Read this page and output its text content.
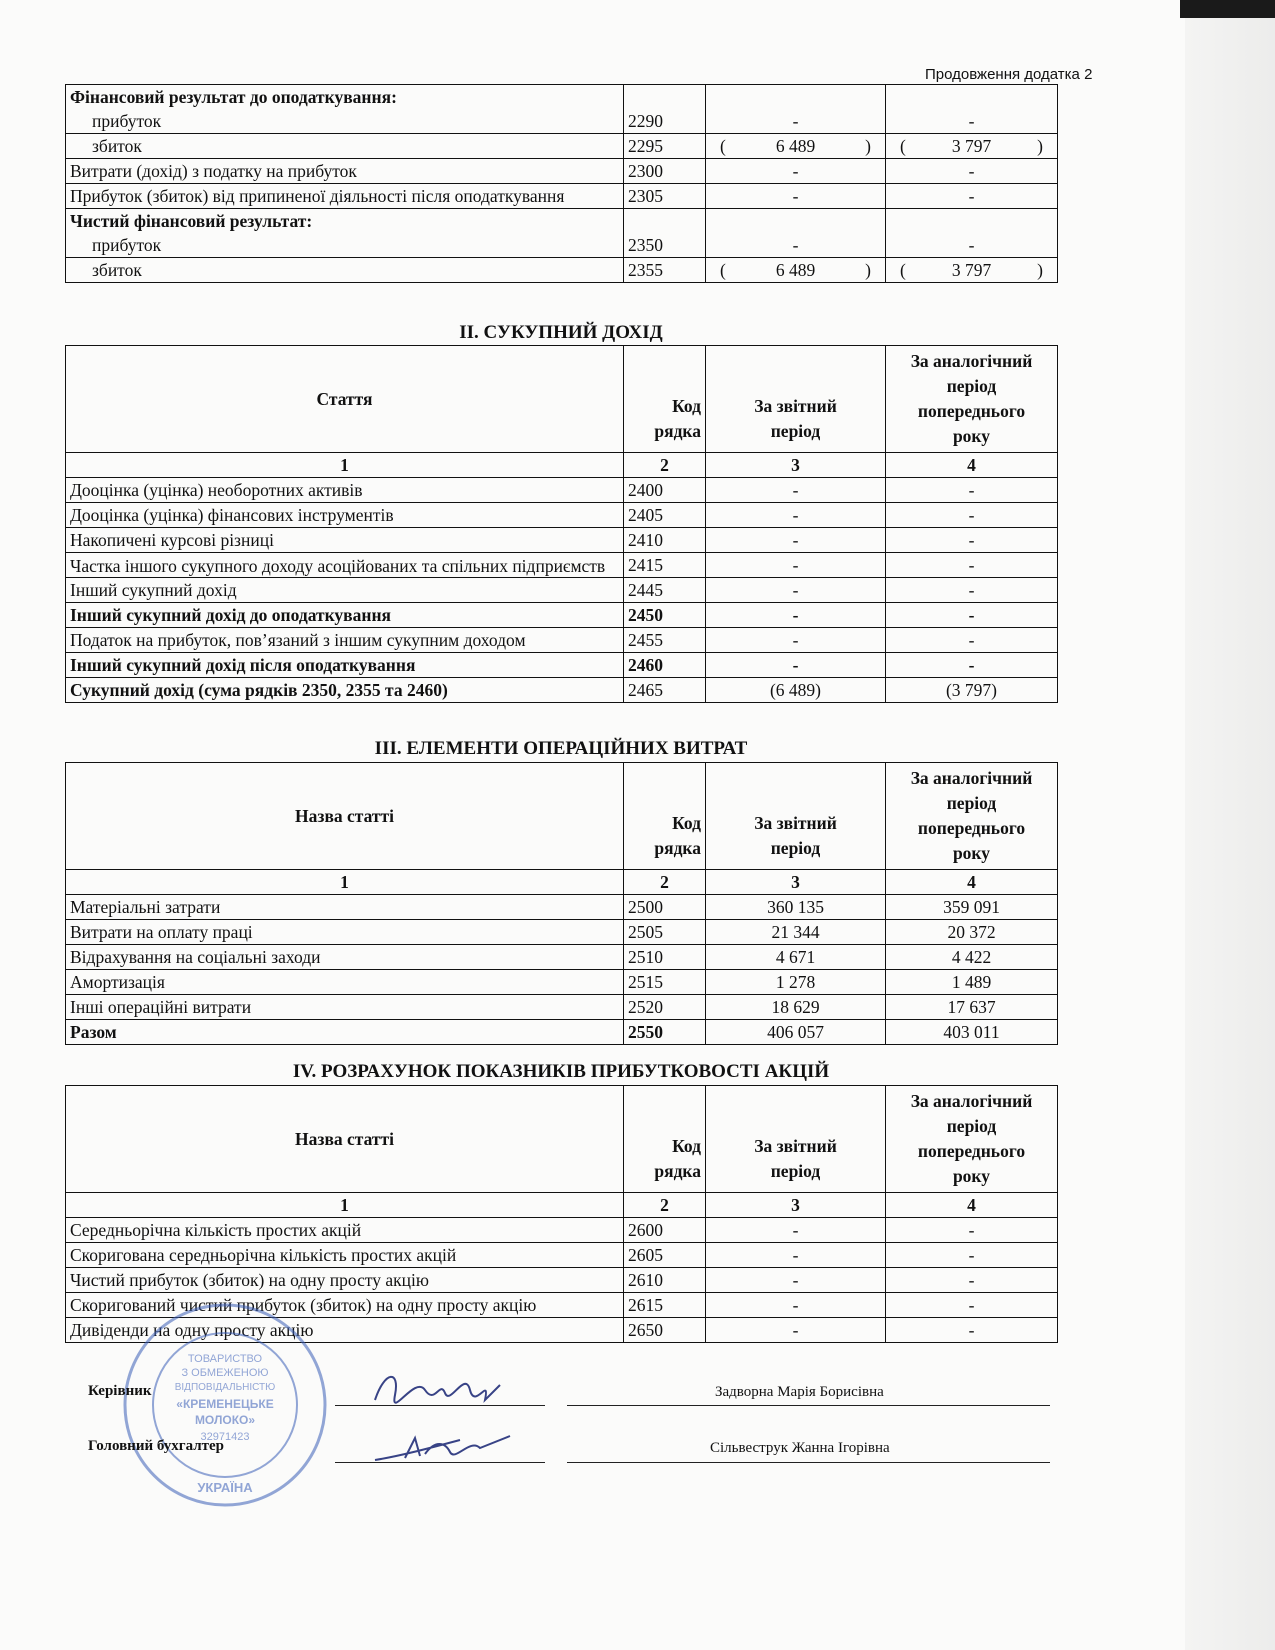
Продовження додатка 2
Фінансовий результат до оподаткування:
прибуток	2290	-	-
збиток	2295	( 6 489 )	( 3 797 )

Витрати (дохід) з податку на прибуток	2300	-	-
Прибуток (збиток) від припиненої діяльності після оподаткування	2305	-	-

Чистий фінансовий результат:
прибуток	2350	-	-
збиток	2355	( 6 489 )	( 3 797 )
II. СУКУПНИЙ ДОХІД
Стаття	Код рядка	За звітний період	За аналогічний період попереднього року
1	2	3	4
Дооцінка (уцінка) необоротних активів	2400	-	-
Дооцінка (уцінка) фінансових інструментів	2405	-	-
Накопичені курсові різниці	2410	-	-
Частка іншого сукупного доходу асоційованих та спільних підприємств	2415	-	-
Інший сукупний дохід	2445	-	-
Інший сукупний дохід до оподаткування	2450	-	-
Податок на прибуток, пов’язаний з іншим сукупним доходом	2455	-	-
Інший сукупний дохід після оподаткування	2460	-	-
Сукупний дохід (сума рядків 2350, 2355 та 2460)	2465	(6 489)	(3 797)
III. ЕЛЕМЕНТИ ОПЕРАЦІЙНИХ ВИТРАТ
Назва статті	Код рядка	За звітний період	За аналогічний період попереднього року
1	2	3	4
Матеріальні затрати	2500	360 135	359 091
Витрати на оплату праці	2505	21 344	20 372
Відрахування на соціальні заходи	2510	4 671	4 422
Амортизація	2515	1 278	1 489
Інші операційні витрати	2520	18 629	17 637
Разом	2550	406 057	403 011
IV. РОЗРАХУНОК ПОКАЗНИКІВ ПРИБУТКОВОСТІ АКЦІЙ
Назва статті	Код рядка	За звітний період	За аналогічний період попереднього року
1	2	3	4
Середньорічна кількість простих акцій	2600	-	-
Скоригована середньорічна кількість простих акцій	2605	-	-
Чистий прибуток (збиток) на одну просту акцію	2610	-	-
Скоригований чистий прибуток (збиток) на одну просту акцію	2615	-	-
Дивіденди на одну просту акцію	2650	-	-
ТОВАРИСТВО
З ОБМЕЖЕНОЮ
ВІДПОВІДАЛЬНІСТЮ
«КРЕМЕНЕЦЬКЕ
МОЛОКО»
32971423
УКРАЇНА
Керівник	Задворна Марія Борисівна
Головний бухгалтер	Сільвеструк Жанна Ігорівна
